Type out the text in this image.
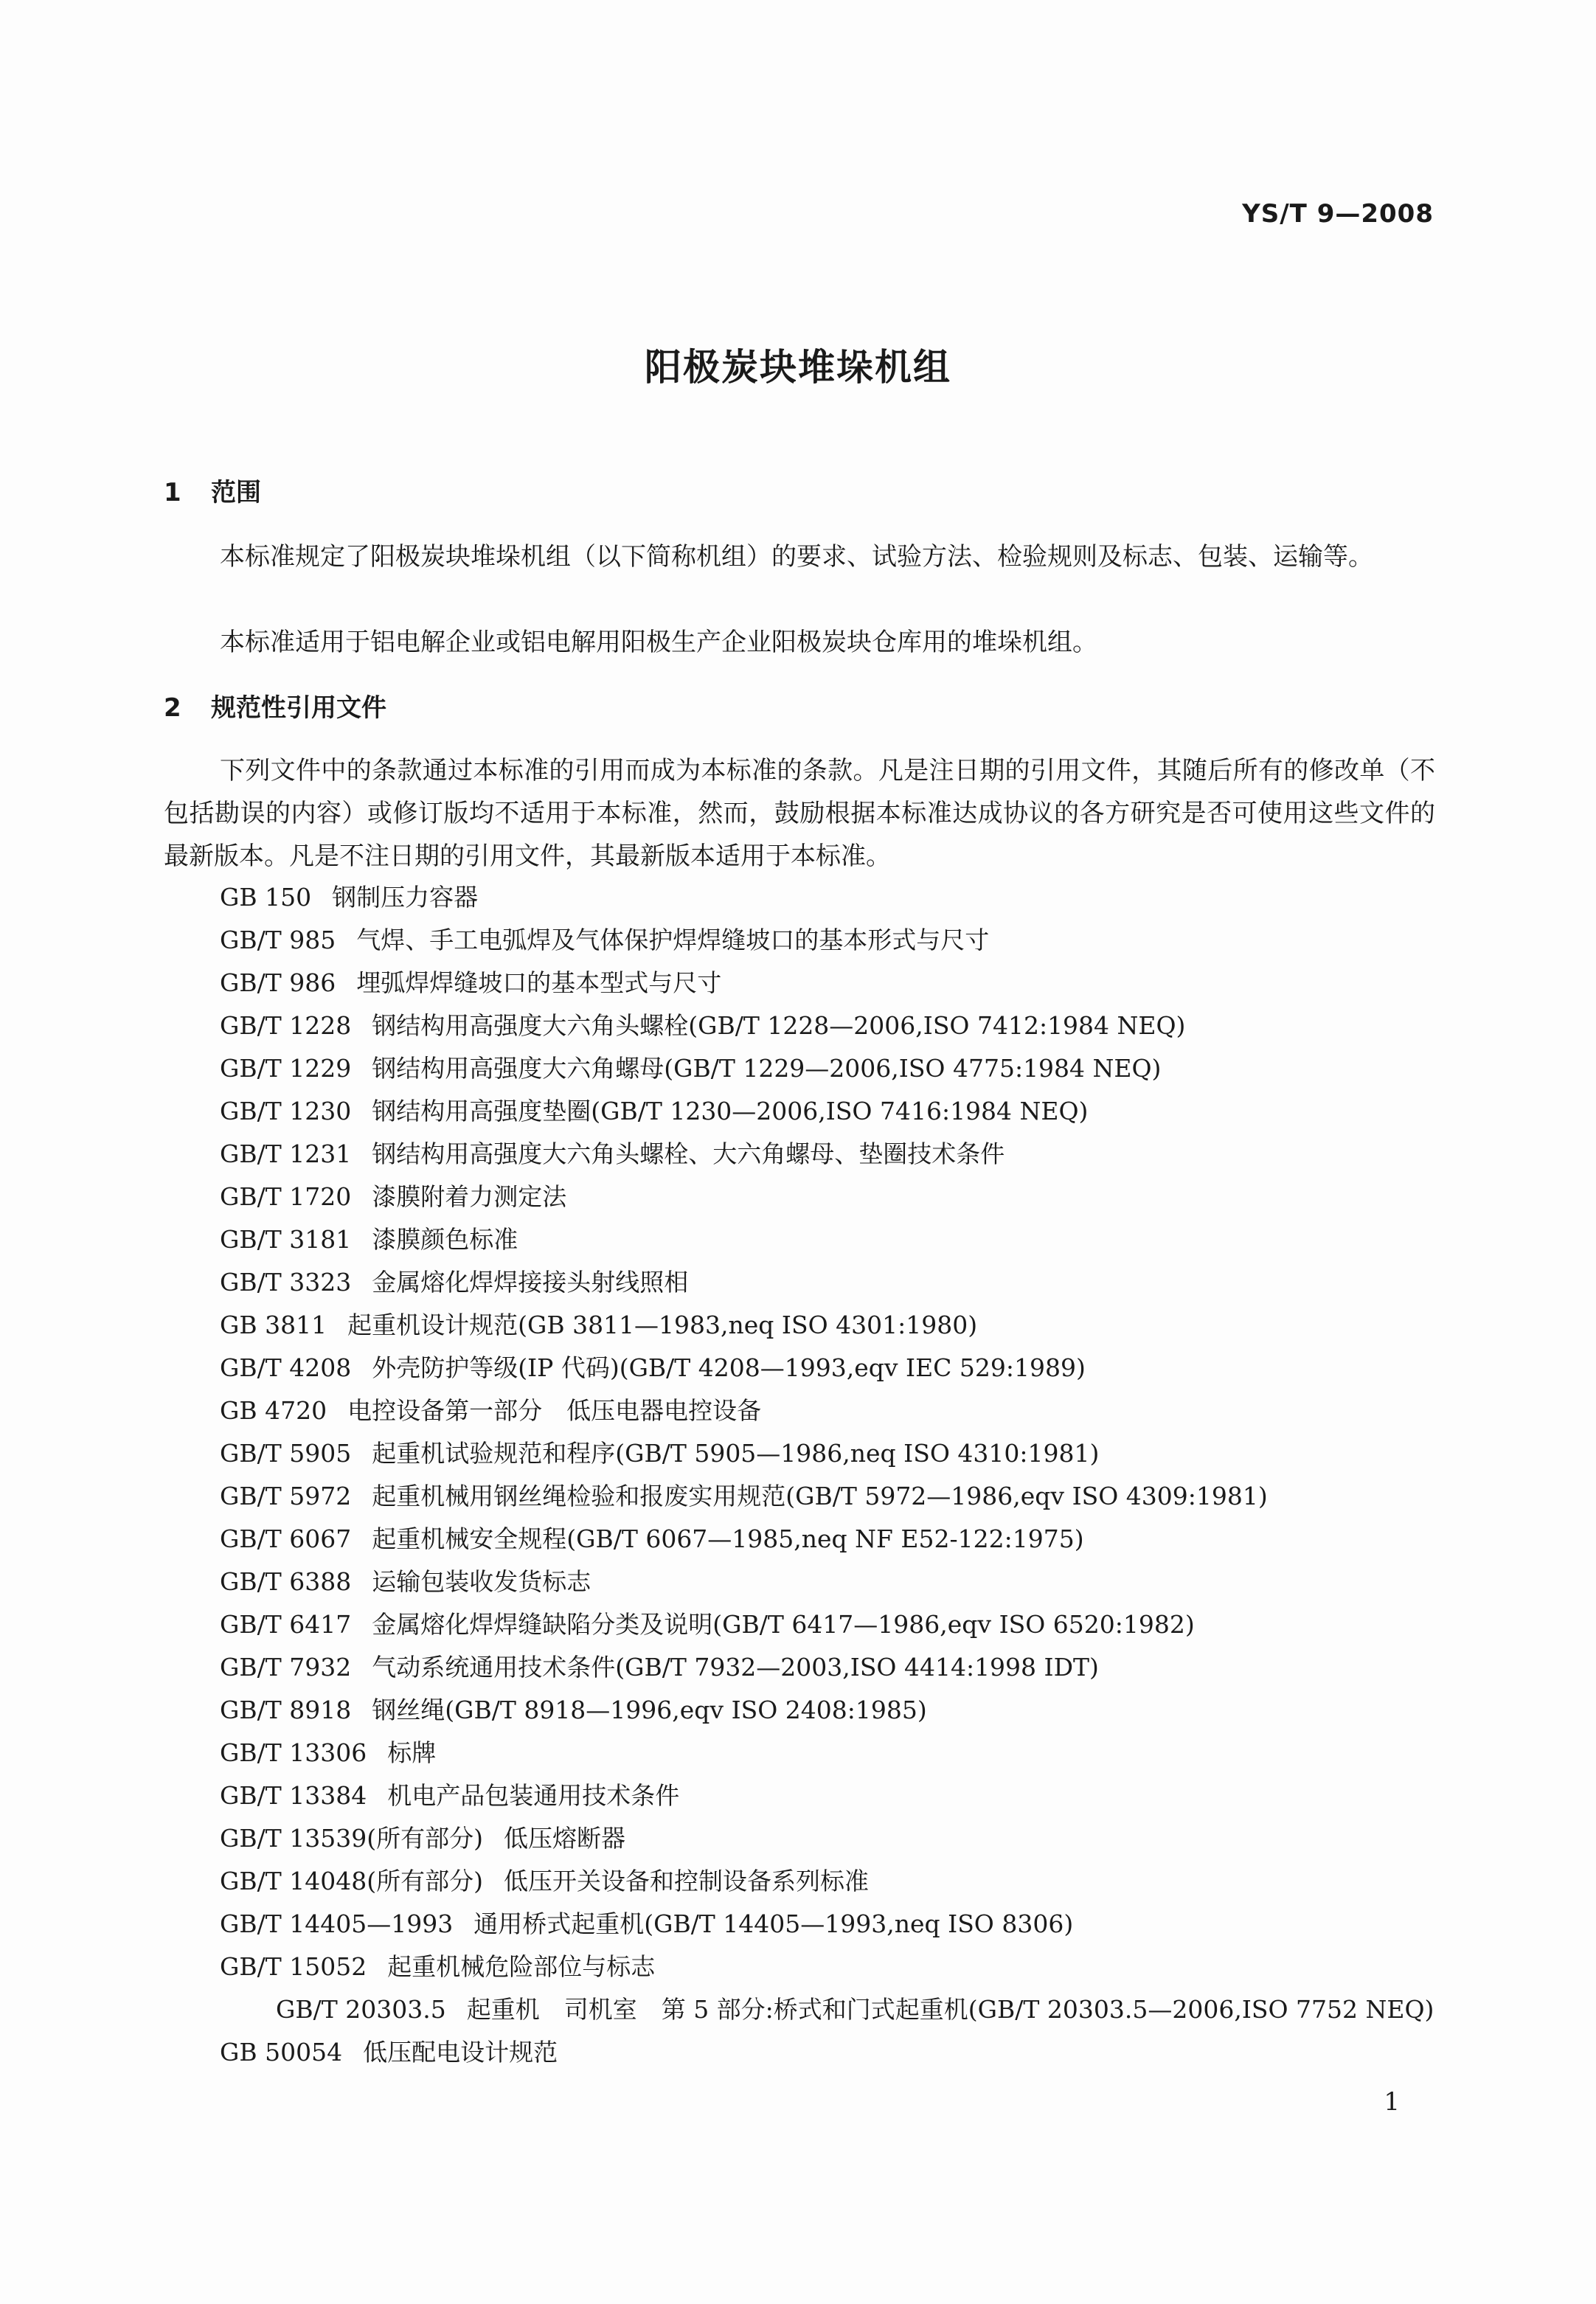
YS/T 9—2008
阳极炭块堆垛机组
1 范围
本标准规定了阳极炭块堆垛机组（以下简称机组）的要求、试验方法、检验规则及标志、包装、运输等。
本标准适用于铝电解企业或铝电解用阳极生产企业阳极炭块仓库用的堆垛机组。
2 规范性引用文件
下列文件中的条款通过本标准的引用而成为本标准的条款。凡是注日期的引用文件，其随后所有的修改单（不包括勘误的内容）或修订版均不适用于本标准，然而，鼓励根据本标准达成协议的各方研究是否可使用这些文件的最新版本。凡是不注日期的引用文件，其最新版本适用于本标准。
GB 150 钢制压力容器
GB/T 985 气焊、手工电弧焊及气体保护焊焊缝坡口的基本形式与尺寸
GB/T 986 埋弧焊焊缝坡口的基本型式与尺寸
GB/T 1228 钢结构用高强度大六角头螺栓(GB/T 1228—2006,ISO 7412:1984 NEQ)
GB/T 1229 钢结构用高强度大六角螺母(GB/T 1229—2006,ISO 4775:1984 NEQ)
GB/T 1230 钢结构用高强度垫圈(GB/T 1230—2006,ISO 7416:1984 NEQ)
GB/T 1231 钢结构用高强度大六角头螺栓、大六角螺母、垫圈技术条件
GB/T 1720 漆膜附着力测定法
GB/T 3181 漆膜颜色标准
GB/T 3323 金属熔化焊焊接接头射线照相
GB 3811 起重机设计规范(GB 3811—1983,neq ISO 4301:1980)
GB/T 4208 外壳防护等级(IP 代码)(GB/T 4208—1993,eqv IEC 529:1989)
GB 4720 电控设备第一部分　低压电器电控设备
GB/T 5905 起重机试验规范和程序(GB/T 5905—1986,neq ISO 4310:1981)
GB/T 5972 起重机械用钢丝绳检验和报废实用规范(GB/T 5972—1986,eqv ISO 4309:1981)
GB/T 6067 起重机械安全规程(GB/T 6067—1985,neq NF E52-122:1975)
GB/T 6388 运输包装收发货标志
GB/T 6417 金属熔化焊焊缝缺陷分类及说明(GB/T 6417—1986,eqv ISO 6520:1982)
GB/T 7932 气动系统通用技术条件(GB/T 7932—2003,ISO 4414:1998 IDT)
GB/T 8918 钢丝绳(GB/T 8918—1996,eqv ISO 2408:1985)
GB/T 13306 标牌
GB/T 13384 机电产品包装通用技术条件
GB/T 13539(所有部分) 低压熔断器
GB/T 14048(所有部分) 低压开关设备和控制设备系列标准
GB/T 14405—1993 通用桥式起重机(GB/T 14405—1993,neq ISO 8306)
GB/T 15052 起重机械危险部位与标志
GB/T 20303.5 起重机　司机室　第 5 部分:桥式和门式起重机(GB/T 20303.5—2006,ISO 7752 NEQ)
GB 50054 低压配电设计规范
1
